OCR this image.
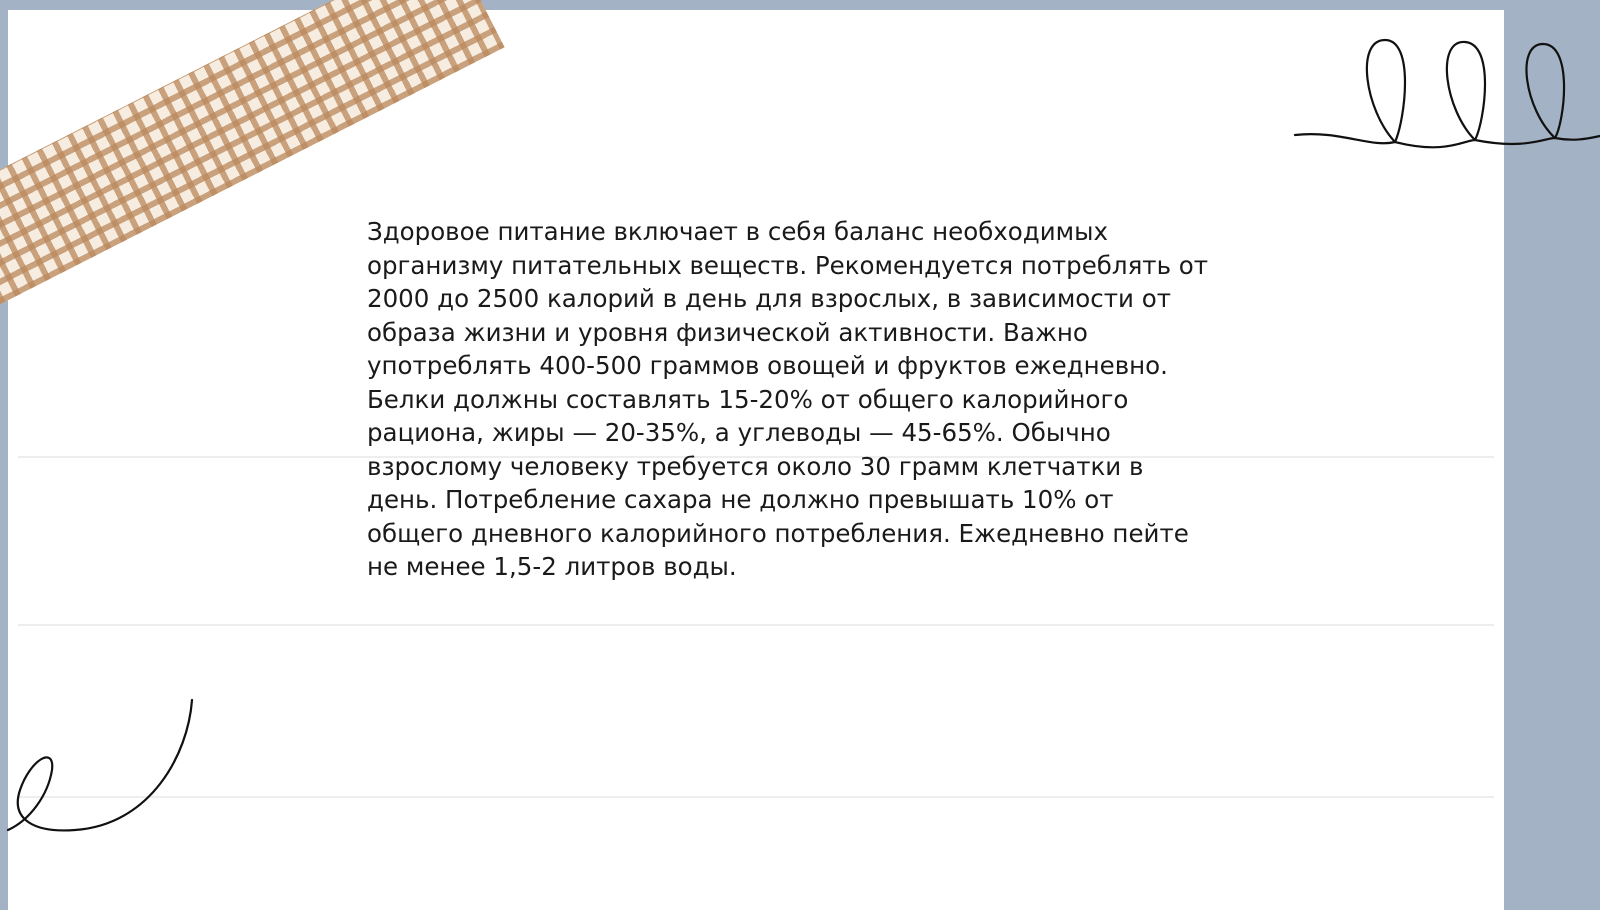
Здоровое питание включает в себя баланс необходимых
организму питательных веществ. Рекомендуется потреблять от
2000 до 2500 калорий в день для взрослых, в зависимости от
образа жизни и уровня физической активности. Важно
употреблять 400-500 граммов овощей и фруктов ежедневно.
Белки должны составлять 15-20% от общего калорийного
рациона, жиры — 20-35%, а углеводы — 45-65%. Обычно
взрослому человеку требуется около 30 грамм клетчатки в
день. Потребление сахара не должно превышать 10% от
общего дневного калорийного потребления. Ежедневно пейте
не менее 1,5-2 литров воды.
